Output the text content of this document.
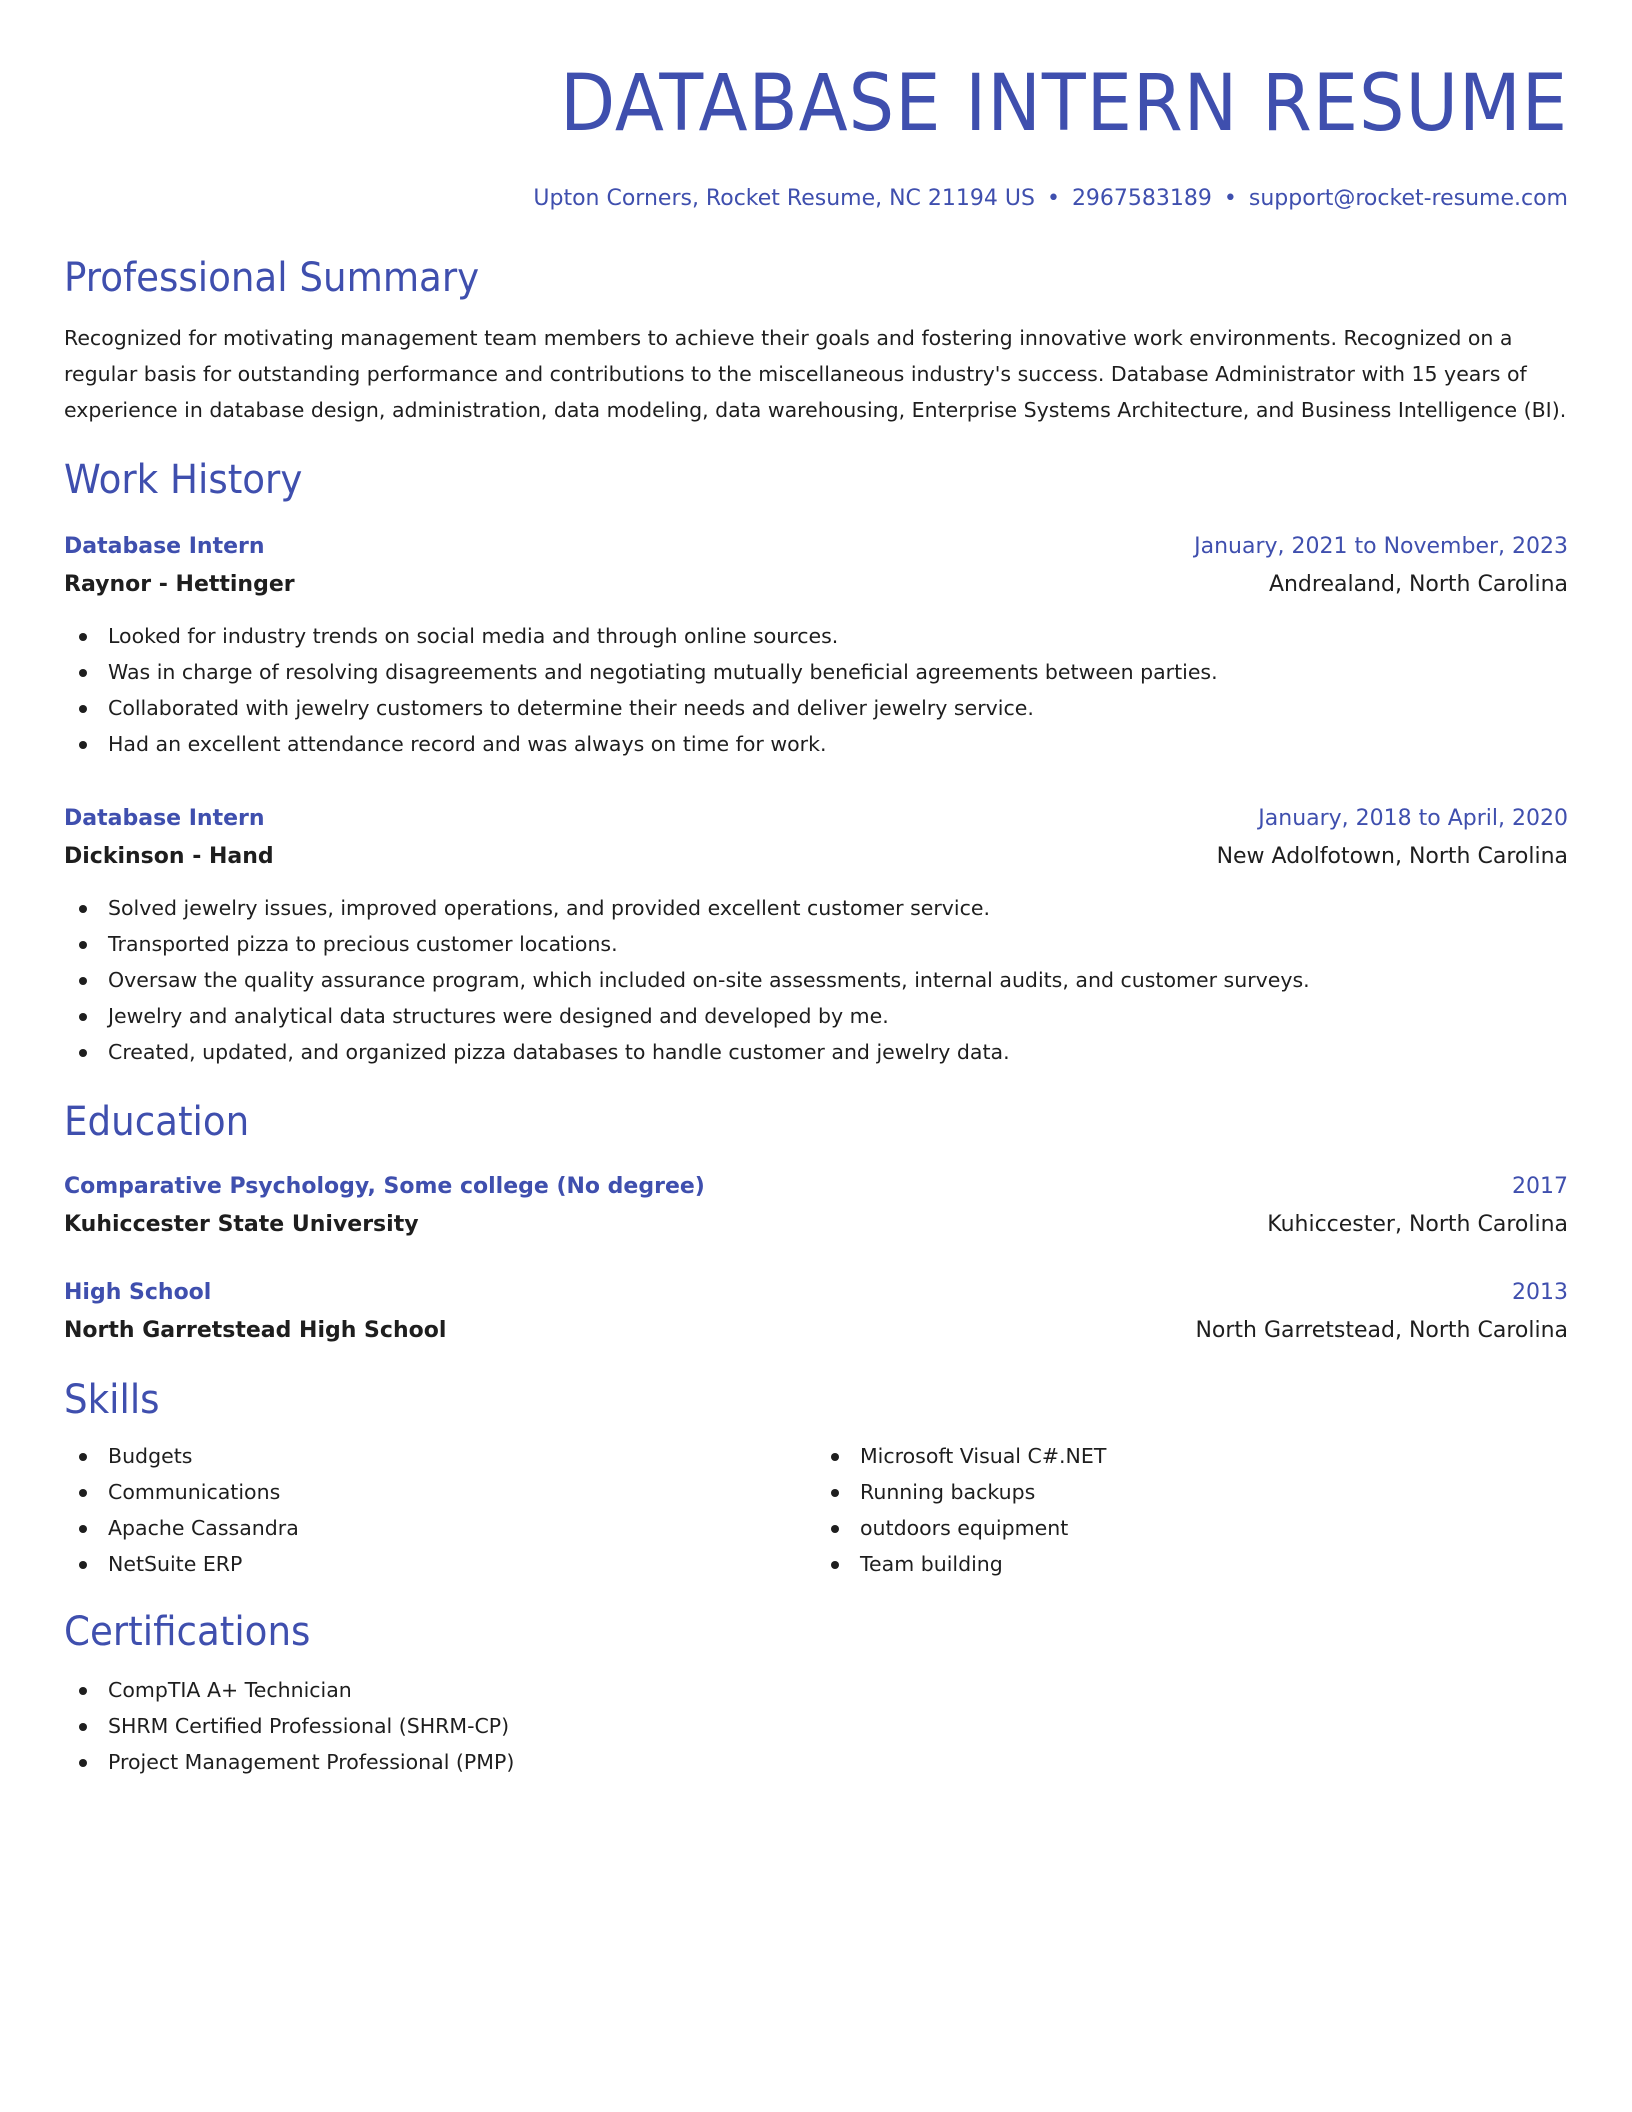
DATABASE INTERN RESUME
Upton Corners, Rocket Resume, NC 21194 US • 2967583189 • support@rocket-resume.com
Professional Summary

Recognized for motivating management team members to achieve their goals and fostering innovative work environments. Recognized on a regular basis for outstanding performance and contributions to the miscellaneous industry's success. Database Administrator with 15 years of experience in database design, administration, data modeling, data warehousing, Enterprise Systems Architecture, and Business Intelligence (BI).

Work History
Database Intern	January, 2021 to November, 2023
Raynor - Hettinger	Andrealand, North Carolina
Looked for industry trends on social media and through online sources.
Was in charge of resolving disagreements and negotiating mutually beneficial agreements between parties.
Collaborated with jewelry customers to determine their needs and deliver jewelry service.
Had an excellent attendance record and was always on time for work.
Database Intern	January, 2018 to April, 2020
Dickinson - Hand	New Adolfotown, North Carolina
Solved jewelry issues, improved operations, and provided excellent customer service.
Transported pizza to precious customer locations.
Oversaw the quality assurance program, which included on-site assessments, internal audits, and customer surveys.
Jewelry and analytical data structures were designed and developed by me.
Created, updated, and organized pizza databases to handle customer and jewelry data.
Education
Comparative Psychology, Some college (No degree)	2017
Kuhiccester State University	Kuhiccester, North Carolina
High School	2013
North Garretstead High School	North Garretstead, North Carolina
Skills
Budgets
Communications
Apache Cassandra
NetSuite ERP
Microsoft Visual C#.NET
Running backups
outdoors equipment
Team building
Certifications
CompTIA A+ Technician
SHRM Certified Professional (SHRM-CP)
Project Management Professional (PMP)
